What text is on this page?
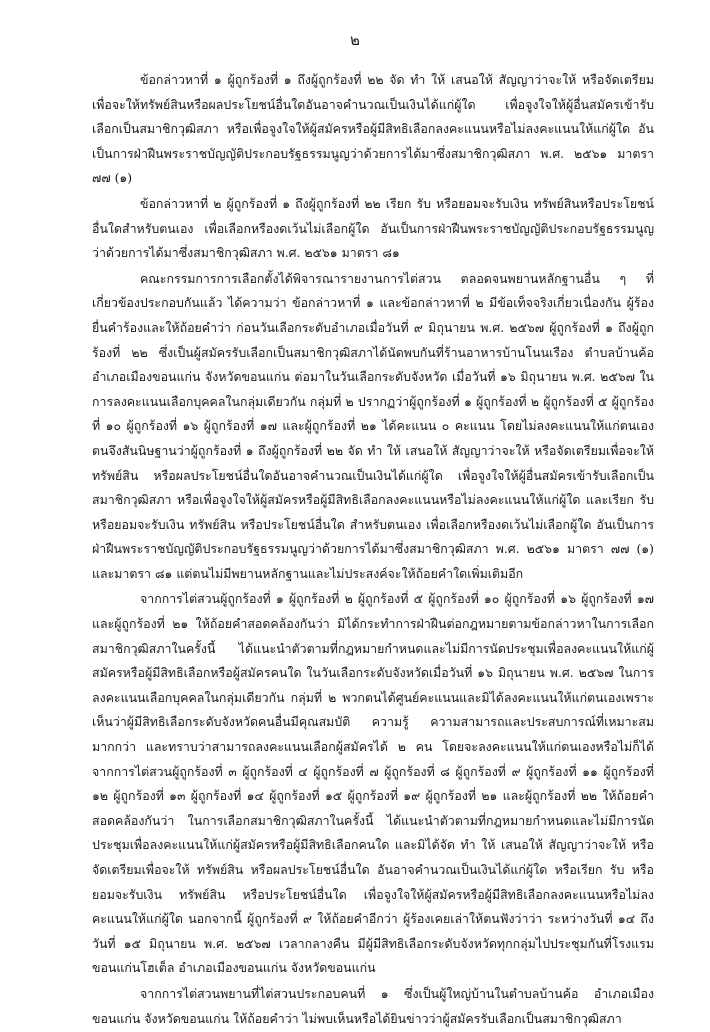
๒

ข้อกล่าวหาที่ ๑ ผู้ถูกร้องที่ ๑ ถึงผู้ถูกร้องที่ ๒๒ จัด ทำ ให้ เสนอให้ สัญญาว่าจะให้ หรือจัดเตรียมเพื่อจะให้ทรัพย์สินหรือผลประโยชน์อื่นใดอันอาจคำนวณเป็นเงินได้แก่ผู้ใด เพื่อจูงใจให้ผู้อื่นสมัครเข้ารับเลือกเป็นสมาชิกวุฒิสภา หรือเพื่อจูงใจให้ผู้สมัครหรือผู้มีสิทธิเลือกลงคะแนนหรือไม่ลงคะแนนให้แก่ผู้ใด อันเป็นการฝ่าฝืนพระราชบัญญัติประกอบรัฐธรรมนูญว่าด้วยการได้มาซึ่งสมาชิกวุฒิสภา พ.ศ. ๒๕๖๑ มาตรา ๗๗ (๑)

ข้อกล่าวหาที่ ๒ ผู้ถูกร้องที่ ๑ ถึงผู้ถูกร้องที่ ๒๒ เรียก รับ หรือยอมจะรับเงิน ทรัพย์สินหรือประโยชน์อื่นใดสำหรับตนเอง เพื่อเลือกหรืองดเว้นไม่เลือกผู้ใด อันเป็นการฝ่าฝืนพระราชบัญญัติประกอบรัฐธรรมนูญว่าด้วยการได้มาซึ่งสมาชิกวุฒิสภา พ.ศ. ๒๕๖๑ มาตรา ๘๑

คณะกรรมการการเลือกตั้งได้พิจารณารายงานการไต่สวน ตลอดจนพยานหลักฐานอื่น ๆ ที่เกี่ยวข้องประกอบกันแล้ว ได้ความว่า ข้อกล่าวหาที่ ๑ และข้อกล่าวหาที่ ๒ มีข้อเท็จจริงเกี่ยวเนื่องกัน ผู้ร้องยื่นคำร้องและให้ถ้อยคำว่า ก่อนวันเลือกระดับอำเภอเมื่อวันที่ ๙ มิถุนายน พ.ศ. ๒๕๖๗ ผู้ถูกร้องที่ ๑ ถึงผู้ถูกร้องที่ ๒๒ ซึ่งเป็นผู้สมัครรับเลือกเป็นสมาชิกวุฒิสภาได้นัดพบกันที่ร้านอาหารบ้านโนนเรือง ตำบลบ้านค้อ อำเภอเมืองขอนแก่น จังหวัดขอนแก่น ต่อมาในวันเลือกระดับจังหวัด เมื่อวันที่ ๑๖ มิถุนายน พ.ศ. ๒๕๖๗ ในการลงคะแนนเลือกบุคคลในกลุ่มเดียวกัน กลุ่มที่ ๒ ปรากฏว่าผู้ถูกร้องที่ ๑ ผู้ถูกร้องที่ ๒ ผู้ถูกร้องที่ ๕ ผู้ถูกร้องที่ ๑๐ ผู้ถูกร้องที่ ๑๖ ผู้ถูกร้องที่ ๑๗ และผู้ถูกร้องที่ ๒๑ ได้คะแนน ๐ คะแนน โดยไม่ลงคะแนนให้แก่ตนเอง ตนจึงสันนิษฐานว่าผู้ถูกร้องที่ ๑ ถึงผู้ถูกร้องที่ ๒๒ จัด ทำ ให้ เสนอให้ สัญญาว่าจะให้ หรือจัดเตรียมเพื่อจะให้ ทรัพย์สิน หรือผลประโยชน์อื่นใดอันอาจคำนวณเป็นเงินได้แก่ผู้ใด เพื่อจูงใจให้ผู้อื่นสมัครเข้ารับเลือกเป็นสมาชิกวุฒิสภา หรือเพื่อจูงใจให้ผู้สมัครหรือผู้มีสิทธิเลือกลงคะแนนหรือไม่ลงคะแนนให้แก่ผู้ใด และเรียก รับ หรือยอมจะรับเงิน ทรัพย์สิน หรือประโยชน์อื่นใด สำหรับตนเอง เพื่อเลือกหรืองดเว้นไม่เลือกผู้ใด อันเป็นการฝ่าฝืนพระราชบัญญัติประกอบรัฐธรรมนูญว่าด้วยการได้มาซึ่งสมาชิกวุฒิสภา พ.ศ. ๒๕๖๑ มาตรา ๗๗ (๑) และมาตรา ๘๑ แต่ตนไม่มีพยานหลักฐานและไม่ประสงค์จะให้ถ้อยคำใดเพิ่มเติมอีก

จากการไต่สวนผู้ถูกร้องที่ ๑ ผู้ถูกร้องที่ ๒ ผู้ถูกร้องที่ ๕ ผู้ถูกร้องที่ ๑๐ ผู้ถูกร้องที่ ๑๖ ผู้ถูกร้องที่ ๑๗ และผู้ถูกร้องที่ ๒๑ ให้ถ้อยคำสอดคล้องกันว่า มิได้กระทำการฝ่าฝืนต่อกฎหมายตามข้อกล่าวหาในการเลือกสมาชิกวุฒิสภาในครั้งนี้ ได้แนะนำตัวตามที่กฎหมายกำหนดและไม่มีการนัดประชุมเพื่อลงคะแนนให้แก่ผู้สมัครหรือผู้มีสิทธิเลือกหรือผู้สมัครคนใด ในวันเลือกระดับจังหวัดเมื่อวันที่ ๑๖ มิถุนายน พ.ศ. ๒๕๖๗ ในการลงคะแนนเลือกบุคคลในกลุ่มเดียวกัน กลุ่มที่ ๒ พวกตนได้ศูนย์คะแนนและมิได้ลงคะแนนให้แก่ตนเองเพราะเห็นว่าผู้มีสิทธิเลือกระดับจังหวัดคนอื่นมีคุณสมบัติ ความรู้ ความสามารถและประสบการณ์ที่เหมาะสมมากกว่า และทราบว่าสามารถลงคะแนนเลือกผู้สมัครได้ ๒ คน โดยจะลงคะแนนให้แก่ตนเองหรือไม่ก็ได้ จากการไต่สวนผู้ถูกร้องที่ ๓ ผู้ถูกร้องที่ ๔ ผู้ถูกร้องที่ ๗ ผู้ถูกร้องที่ ๘ ผู้ถูกร้องที่ ๙ ผู้ถูกร้องที่ ๑๑ ผู้ถูกร้องที่ ๑๒ ผู้ถูกร้องที่ ๑๓ ผู้ถูกร้องที่ ๑๔ ผู้ถูกร้องที่ ๑๕ ผู้ถูกร้องที่ ๑๙ ผู้ถูกร้องที่ ๒๑ และผู้ถูกร้องที่ ๒๒ ให้ถ้อยคำสอดคล้องกันว่า ในการเลือกสมาชิกวุฒิสภาในครั้งนี้ ได้แนะนำตัวตามที่กฎหมายกำหนดและไม่มีการนัดประชุมเพื่อลงคะแนนให้แก่ผู้สมัครหรือผู้มีสิทธิเลือกคนใด และมิได้จัด ทำ ให้ เสนอให้ สัญญาว่าจะให้ หรือจัดเตรียมเพื่อจะให้ ทรัพย์สิน หรือผลประโยชน์อื่นใด อันอาจคำนวณเป็นเงินได้แก่ผู้ใด หรือเรียก รับ หรือยอมจะรับเงิน ทรัพย์สิน หรือประโยชน์อื่นใด เพื่อจูงใจให้ผู้สมัครหรือผู้มีสิทธิเลือกลงคะแนนหรือไม่ลงคะแนนให้แก่ผู้ใด นอกจากนี้ ผู้ถูกร้องที่ ๙ ให้ถ้อยคำอีกว่า ผู้ร้องเคยเล่าให้ตนฟังว่าว่า ระหว่างวันที่ ๑๔ ถึงวันที่ ๑๕ มิถุนายน พ.ศ. ๒๕๖๗ เวลากลางคืน มีผู้มีสิทธิเลือกระดับจังหวัดทุกกลุ่มไปประชุมกันที่โรงแรมขอนแก่นโฮเต็ล อำเภอเมืองขอนแก่น จังหวัดขอนแก่น

จากการไต่สวนพยานที่ไต่สวนประกอบคนที่ ๑ ซึ่งเป็นผู้ใหญ่บ้านในตำบลบ้านค้อ อำเภอเมืองขอนแก่น จังหวัดขอนแก่น ให้ถ้อยคำว่า ไม่พบเห็นหรือได้ยินข่าวว่าผู้สมัครรับเลือกเป็นสมาชิกวุฒิสภา
